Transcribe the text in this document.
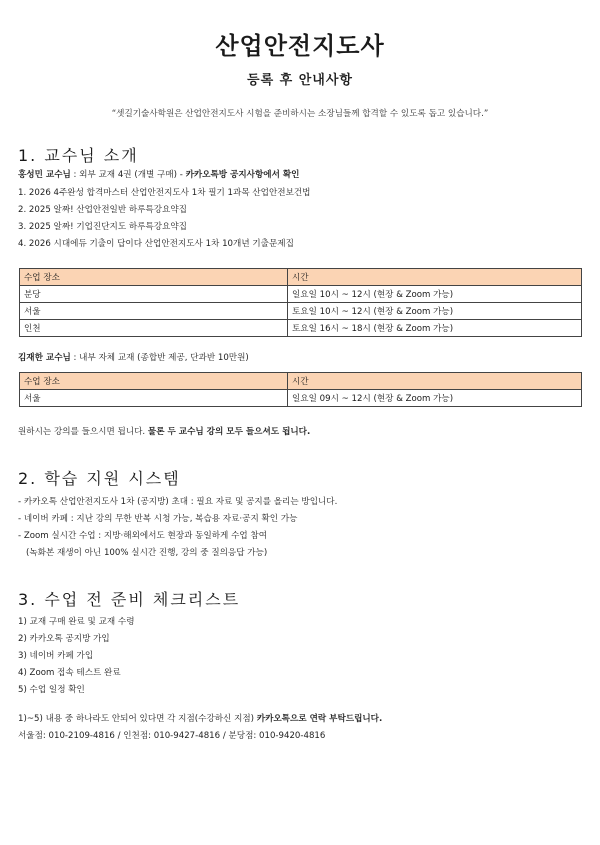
산업안전지도사
등록 후 안내사항
“셋길기술사학원은 산업안전지도사 시험을 준비하시는 소장님들께 합격할 수 있도록 돕고 있습니다.”
1. 교수님 소개
홍성민 교수님 : 외부 교재 4권 (개별 구매) - 카카오톡방 공지사항에서 확인
1. 2026 4주완성 합격마스터 산업안전지도사 1차 필기 1과목 산업안전보건법
2. 2025 알짜! 산업안전일반 하루특강요약집
3. 2025 알짜! 기업진단지도 하루특강요약집
4. 2026 시대에듀 기출이 답이다 산업안전지도사 1차 10개년 기출문제집
수업 장소	시간
분당	일요일 10시 ~ 12시 (현장 & Zoom 가능)
서울	토요일 10시 ~ 12시 (현장 & Zoom 가능)
인천	토요일 16시 ~ 18시 (현장 & Zoom 가능)
김재한 교수님 : 내부 자체 교재 (종합반 제공, 단과반 10만원)
수업 장소	시간
서울	일요일 09시 ~ 12시 (현장 & Zoom 가능)
원하시는 강의를 들으시면 됩니다. 물론 두 교수님 강의 모두 들으셔도 됩니다.
2. 학습 지원 시스템
- 카카오톡 산업안전지도사 1차 (공지방) 초대 : 필요 자료 및 공지를 올리는 방입니다.
- 네이버 카페 : 지난 강의 무한 반복 시청 가능, 복습용 자료·공지 확인 가능
- Zoom 실시간 수업 : 지방·해외에서도 현장과 동일하게 수업 참여
(녹화본 재생이 아닌 100% 실시간 진행, 강의 중 질의응답 가능)
3. 수업 전 준비 체크리스트
1) 교재 구매 완료 및 교재 수령
2) 카카오톡 공지방 가입
3) 네이버 카페 가입
4) Zoom 접속 테스트 완료
5) 수업 일정 확인
1)~5) 내용 중 하나라도 안되어 있다면 각 지점(수강하신 지점) 카카오톡으로 연락 부탁드립니다.
서울점: 010-2109-4816 / 인천점: 010-9427-4816 / 분당점: 010-9420-4816
